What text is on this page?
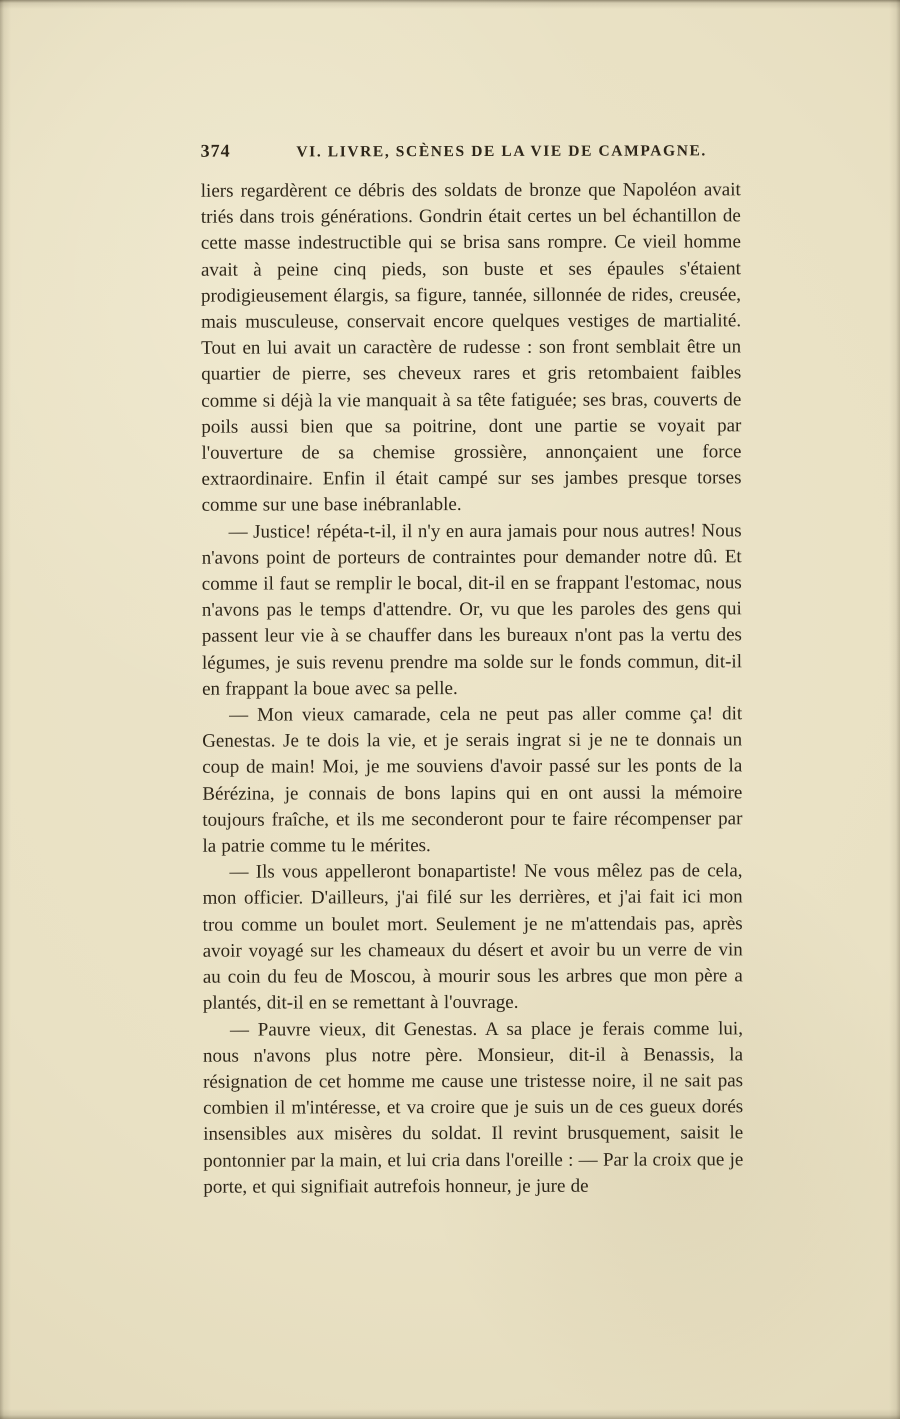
374	VI. LIVRE, SCÈNES DE LA VIE DE CAMPAGNE.

liers regardèrent ce débris des soldats de bronze que Napoléon avait triés dans trois générations. Gondrin était certes un bel échantillon de cette masse indestructible qui se brisa sans rompre. Ce vieil homme avait à peine cinq pieds, son buste et ses épaules s'étaient prodigieusement élargis, sa figure, tannée, sillonnée de rides, creusée, mais musculeuse, conservait encore quelques vestiges de martialité. Tout en lui avait un caractère de rudesse : son front semblait être un quartier de pierre, ses cheveux rares et gris retombaient faibles comme si déjà la vie manquait à sa tête fatiguée; ses bras, couverts de poils aussi bien que sa poitrine, dont une partie se voyait par l'ouverture de sa chemise grossière, annonçaient une force extraordinaire. Enfin il était campé sur ses jambes presque torses comme sur une base inébranlable.

— Justice! répéta-t-il, il n'y en aura jamais pour nous autres! Nous n'avons point de porteurs de contraintes pour demander notre dû. Et comme il faut se remplir le bocal, dit-il en se frappant l'estomac, nous n'avons pas le temps d'attendre. Or, vu que les paroles des gens qui passent leur vie à se chauffer dans les bureaux n'ont pas la vertu des légumes, je suis revenu prendre ma solde sur le fonds commun, dit-il en frappant la boue avec sa pelle.

— Mon vieux camarade, cela ne peut pas aller comme ça! dit Genestas. Je te dois la vie, et je serais ingrat si je ne te donnais un coup de main! Moi, je me souviens d'avoir passé sur les ponts de la Bérézina, je connais de bons lapins qui en ont aussi la mémoire toujours fraîche, et ils me seconderont pour te faire récompenser par la patrie comme tu le mérites.

— Ils vous appelleront bonapartiste! Ne vous mêlez pas de cela, mon officier. D'ailleurs, j'ai filé sur les derrières, et j'ai fait ici mon trou comme un boulet mort. Seulement je ne m'attendais pas, après avoir voyagé sur les chameaux du désert et avoir bu un verre de vin au coin du feu de Moscou, à mourir sous les arbres que mon père a plantés, dit-il en se remettant à l'ouvrage.

— Pauvre vieux, dit Genestas. A sa place je ferais comme lui, nous n'avons plus notre père. Monsieur, dit-il à Benassis, la résignation de cet homme me cause une tristesse noire, il ne sait pas combien il m'intéresse, et va croire que je suis un de ces gueux dorés insensibles aux misères du soldat. Il revint brusquement, saisit le pontonnier par la main, et lui cria dans l'oreille : — Par la croix que je porte, et qui signifiait autrefois honneur, je jure de
